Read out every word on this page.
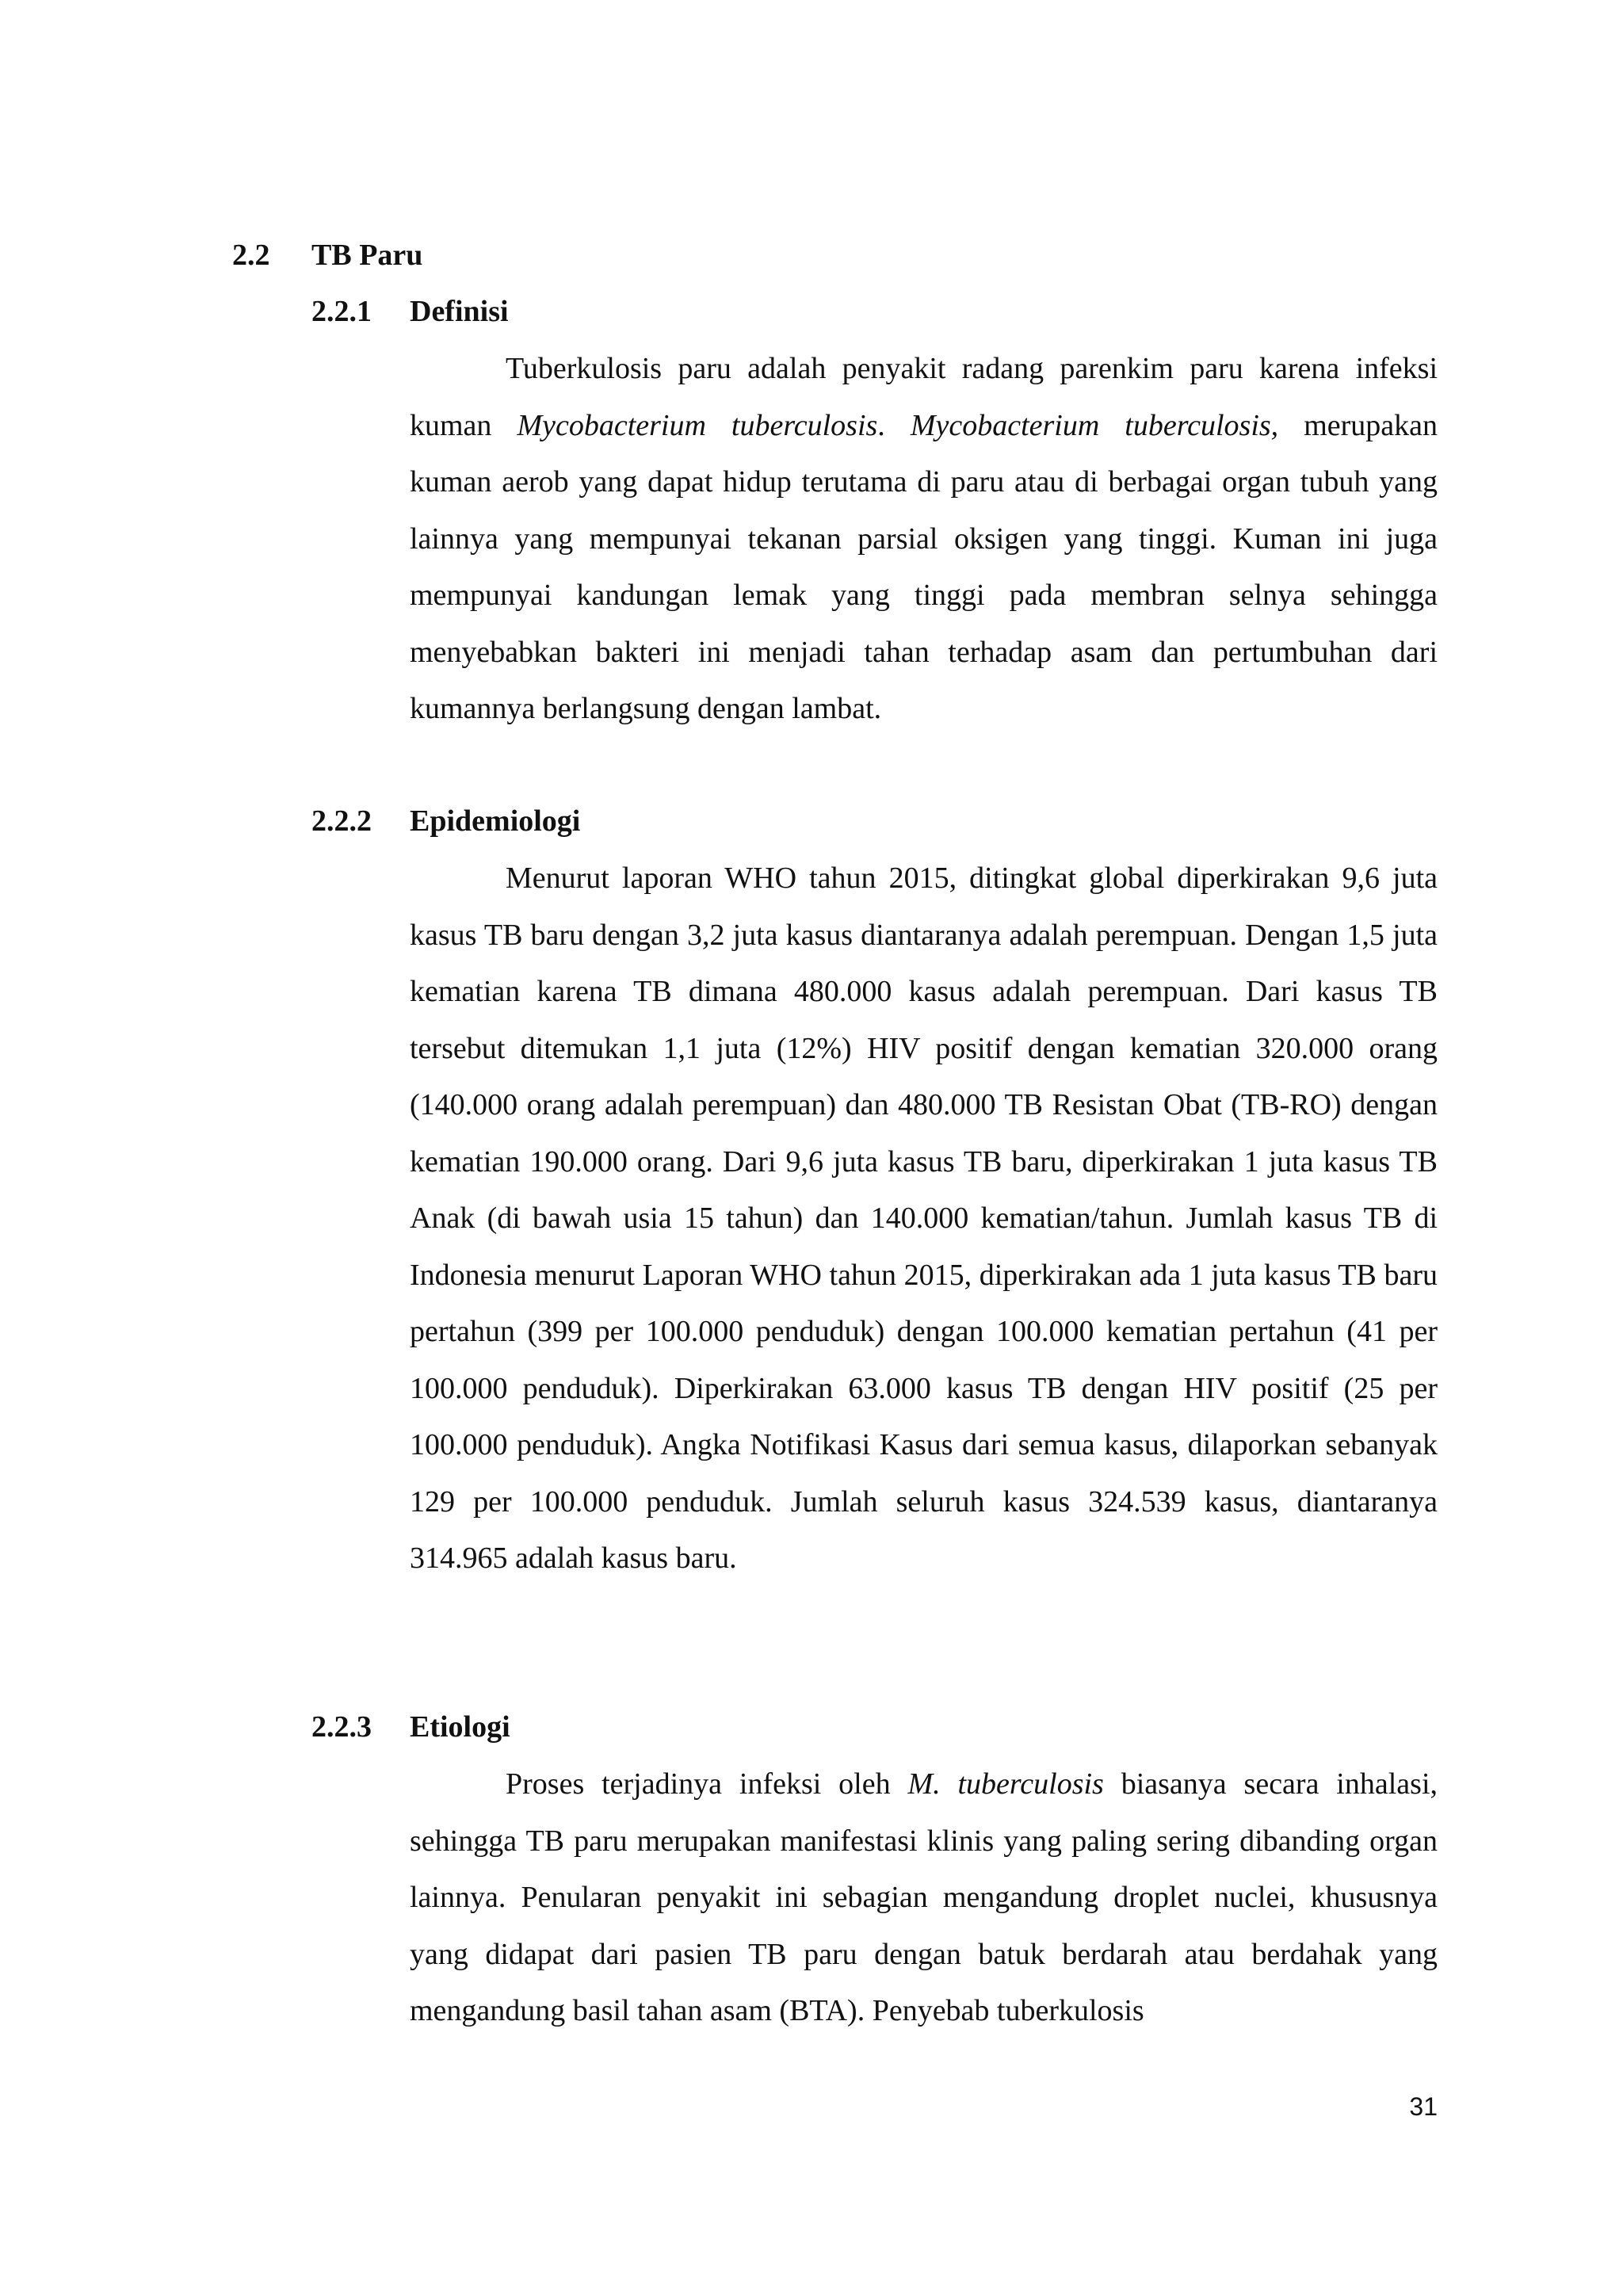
2.2 TB Paru
2.2.1 Definisi

Tuberkulosis paru adalah penyakit radang parenkim paru karena infeksi kuman Mycobacterium tuberculosis. Mycobacterium tuberculosis, merupakan kuman aerob yang dapat hidup terutama di paru atau di berbagai organ tubuh yang lainnya yang mempunyai tekanan parsial oksigen yang tinggi. Kuman ini juga mempunyai kandungan lemak yang tinggi pada membran selnya sehingga menyebabkan bakteri ini menjadi tahan terhadap asam dan pertumbuhan dari kumannya berlangsung dengan lambat.

2.2.2 Epidemiologi

Menurut laporan WHO tahun 2015, ditingkat global diperkirakan 9,6 juta kasus TB baru dengan 3,2 juta kasus diantaranya adalah perempuan. Dengan 1,5 juta kematian karena TB dimana 480.000 kasus adalah perempuan. Dari kasus TB tersebut ditemukan 1,1 juta (12%) HIV positif dengan kematian 320.000 orang (140.000 orang adalah perempuan) dan 480.000 TB Resistan Obat (TB-RO) dengan kematian 190.000 orang. Dari 9,6 juta kasus TB baru, diperkirakan 1 juta kasus TB Anak (di bawah usia 15 tahun) dan 140.000 kematian/tahun. Jumlah kasus TB di Indonesia menurut Laporan WHO tahun 2015, diperkirakan ada 1 juta kasus TB baru pertahun (399 per 100.000 penduduk) dengan 100.000 kematian pertahun (41 per 100.000 penduduk). Diperkirakan 63.000 kasus TB dengan HIV positif (25 per 100.000 penduduk). Angka Notifikasi Kasus dari semua kasus, dilaporkan sebanyak 129 per 100.000 penduduk. Jumlah seluruh kasus 324.539 kasus, diantaranya 314.965 adalah kasus baru.

2.2.3 Etiologi

Proses terjadinya infeksi oleh M. tuberculosis biasanya secara inhalasi, sehingga TB paru merupakan manifestasi klinis yang paling sering dibanding organ lainnya. Penularan penyakit ini sebagian mengandung droplet nuclei, khususnya yang didapat dari pasien TB paru dengan batuk berdarah atau berdahak yang mengandung basil tahan asam (BTA). Penyebab tuberkulosis

31
